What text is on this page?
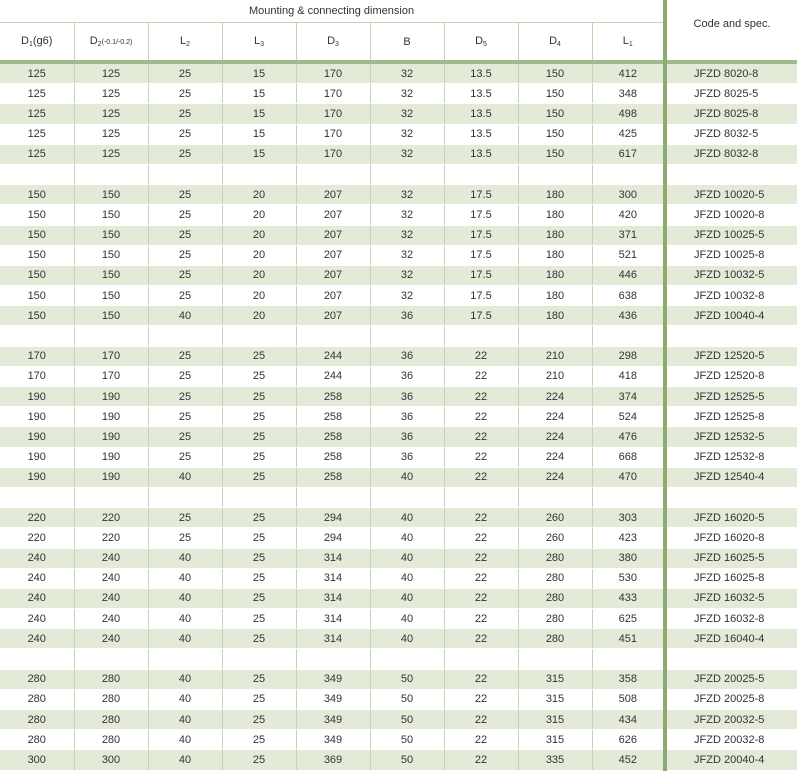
Mounting & connecting dimension									Code and spec.
$D_1(g6)$	$D_2(-0.1/-0.2)$	$L_2$	$L_3$	$D_3$	B	$D_5$	$D_4$	$L_1$
125	125	25	15	170	32	13.5	150	412	JFZD 8020-8
125	125	25	15	170	32	13.5	150	348	JFZD 8025-5
125	125	25	15	170	32	13.5	150	498	JFZD 8025-8
125	125	25	15	170	32	13.5	150	425	JFZD 8032-5
125	125	25	15	170	32	13.5	150	617	JFZD 8032-8

150	150	25	20	207	32	17.5	180	300	JFZD 10020-5
150	150	25	20	207	32	17.5	180	420	JFZD 10020-8
150	150	25	20	207	32	17.5	180	371	JFZD 10025-5
150	150	25	20	207	32	17.5	180	521	JFZD 10025-8
150	150	25	20	207	32	17.5	180	446	JFZD 10032-5
150	150	25	20	207	32	17.5	180	638	JFZD 10032-8
150	150	40	20	207	36	17.5	180	436	JFZD 10040-4

170	170	25	25	244	36	22	210	298	JFZD 12520-5
170	170	25	25	244	36	22	210	418	JFZD 12520-8
190	190	25	25	258	36	22	224	374	JFZD 12525-5
190	190	25	25	258	36	22	224	524	JFZD 12525-8
190	190	25	25	258	36	22	224	476	JFZD 12532-5
190	190	25	25	258	36	22	224	668	JFZD 12532-8
190	190	40	25	258	40	22	224	470	JFZD 12540-4

220	220	25	25	294	40	22	260	303	JFZD 16020-5
220	220	25	25	294	40	22	260	423	JFZD 16020-8
240	240	40	25	314	40	22	280	380	JFZD 16025-5
240	240	40	25	314	40	22	280	530	JFZD 16025-8
240	240	40	25	314	40	22	280	433	JFZD 16032-5
240	240	40	25	314	40	22	280	625	JFZD 16032-8
240	240	40	25	314	40	22	280	451	JFZD 16040-4

280	280	40	25	349	50	22	315	358	JFZD 20025-5
280	280	40	25	349	50	22	315	508	JFZD 20025-8
280	280	40	25	349	50	22	315	434	JFZD 20032-5
280	280	40	25	349	50	22	315	626	JFZD 20032-8
300	300	40	25	369	50	22	335	452	JFZD 20040-4
